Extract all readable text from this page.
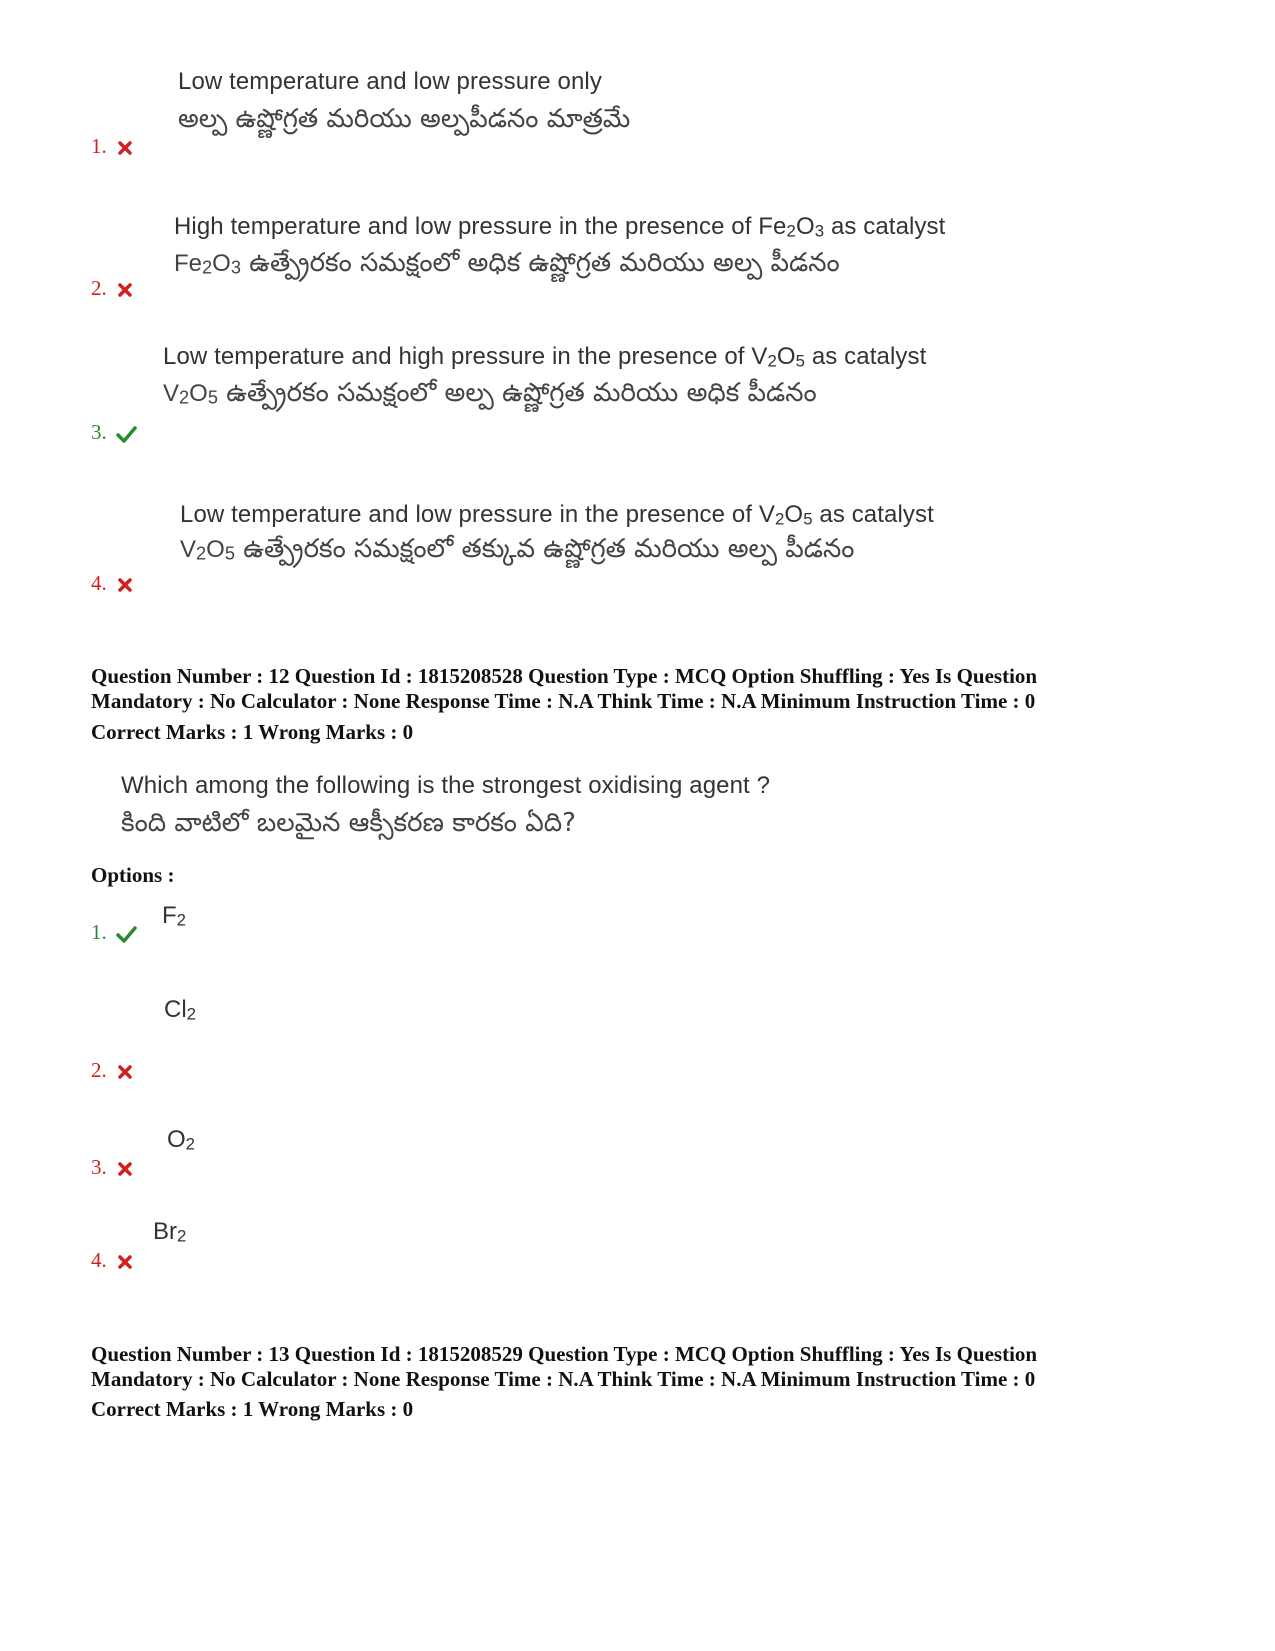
Low temperature and low pressure only
అల్ప ఉష్ణోగ్రత మరియు అల్పపీడనం మాత్రమే
1.
High temperature and low pressure in the presence of $Fe_2O_3$ as catalyst
$Fe_2O_3$ ఉత్ప్రేరకం సమక్షంలో అధిక ఉష్ణోగ్రత మరియు అల్ప పీడనం
2.
Low temperature and high pressure in the presence of $V_2O_5$ as catalyst
$V_2O_5$ ఉత్ప్రేరకం సమక్షంలో అల్ప ఉష్ణోగ్రత మరియు అధిక పీడనం
3.
Low temperature and low pressure in the presence of $V_2O_5$ as catalyst
$V_2O_5$ ఉత్ప్రేరకం సమక్షంలో తక్కువ ఉష్ణోగ్రత మరియు అల్ప పీడనం
4.
Question Number : 12 Question Id : 1815208528 Question Type : MCQ Option Shuffling : Yes Is Question
Mandatory : No Calculator : None Response Time : N.A Think Time : N.A Minimum Instruction Time : 0
Correct Marks : 1 Wrong Marks : 0
Which among the following is the strongest oxidising agent ?
కింది వాటిలో బలమైన ఆక్సీకరణ కారకం ఏది?
Options :
$F_2$
1.
$Cl_2$
2.
$O_2$
3.
$Br_2$
4.
Question Number : 13 Question Id : 1815208529 Question Type : MCQ Option Shuffling : Yes Is Question
Mandatory : No Calculator : None Response Time : N.A Think Time : N.A Minimum Instruction Time : 0
Correct Marks : 1 Wrong Marks : 0
